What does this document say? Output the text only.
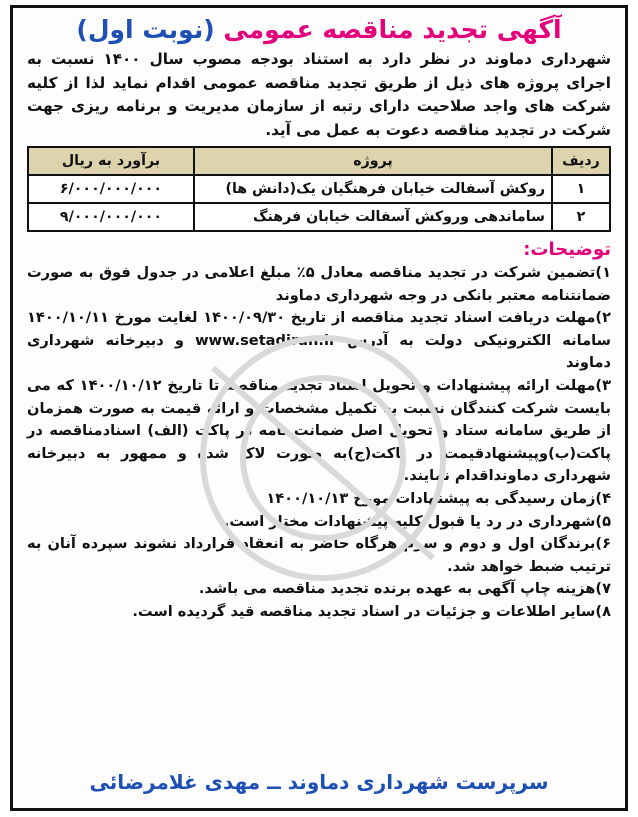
آگهی تجدید مناقصه عمومی (نوبت اول)

شهرداری دماوند در نظر دارد به استناد بودجه مصوب سال ۱۴۰۰ نسبت به اجرای پروژه های ذیل از طریق تجدید مناقصه عمومی اقدام نماید لذا از کلیه شرکت های واجد صلاحیت دارای رتبه از سازمان مدیریت و برنامه ریزی جهت شرکت در تجدید مناقصه دعوت به عمل می آید.

ردیف	پروژه	برآورد به ریال
۱	روکش آسفالت خیابان فرهنگیان یک(دانش ها)	۶/۰۰۰/۰۰۰/۰۰۰
۲	ساماندهی وروکش آسفالت خیابان فرهنگ	۹/۰۰۰/۰۰۰/۰۰۰
توضیحات:

۱)تضمین شرکت در تجدید مناقصه معادل ۵٪ مبلغ اعلامی در جدول فوق به صورت ضمانتنامه معتبر بانکی در وجه شهرداری دماوند

۲)مهلت دریافت اسناد تجدید مناقصه از تاریخ ۱۴۰۰/۰۹/۳۰ لغایت مورخ ۱۴۰۰/۱۰/۱۱ سامانه الکترونیکی دولت به آدرس www.setadiran.ir و دبیرخانه شهرداری دماوند

۳)مهلت ارائه پیشنهادات و تحویل اسناد تجدید مناقصه تا تاریخ ۱۴۰۰/۱۰/۱۲ که می بایست شرکت کنندگان نسبت به تکمیل مشخصات و ارائه قیمت به صورت همزمان از طریق سامانه ستاد و تحویل اصل ضمانت نامه در پاکت (الف) اسنادمناقصه در پاکت(ب)وپیشنهادقیمت در پاکت(ج)به صورت لاک شده و ممهور به دبیرخانه شهرداری دماونداقدام نمایند.

۴)زمان رسیدگی به پیشنهادات مورخ ۱۴۰۰/۱۰/۱۳

۵)شهرداری در رد یا قبول کلیه پیشنهادات مختار است.

۶)برندگان اول و دوم و سوم هرگاه حاضر به انعقاد قرارداد نشوند سپرده آنان به ترتیب ضبط خواهد شد.

۷)هزینه چاپ آگهی به عهده برنده تجدید مناقصه می باشد.

۸)سایر اطلاعات و جزئیات در اسناد تجدید مناقصه قید گردیده است.

سرپرست شهرداری دماوند ــ مهدی غلامرضائی
